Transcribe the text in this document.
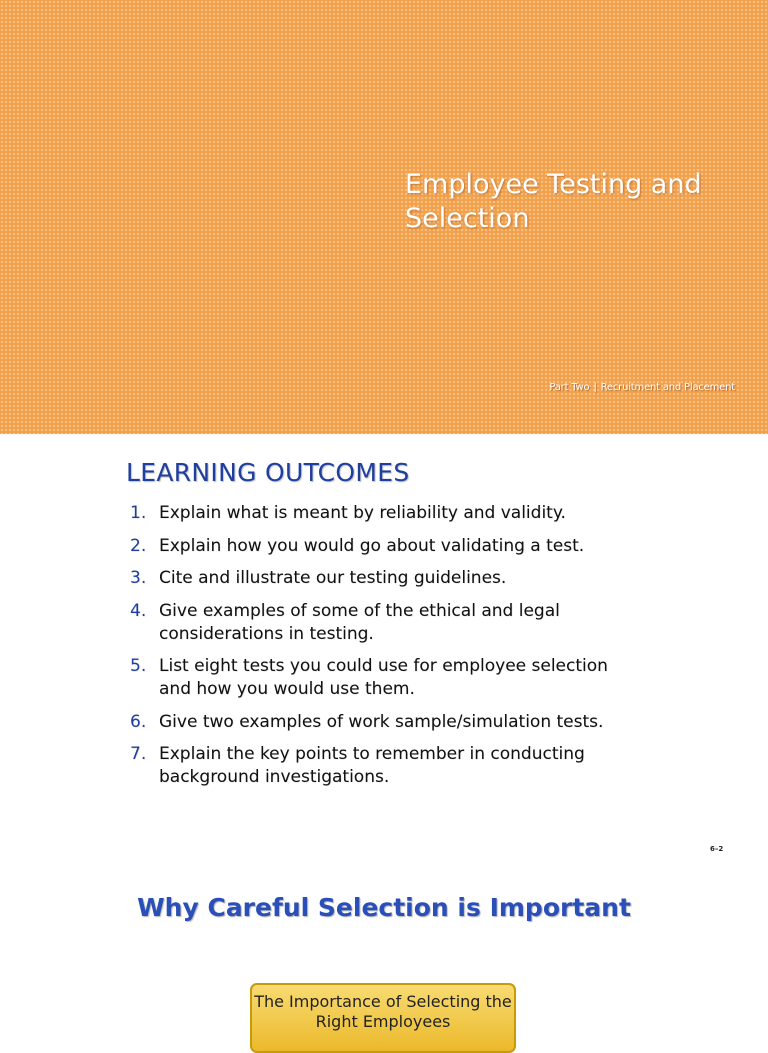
Employee Testing and Selection
Part Two | Recruitment and Placement
LEARNING OUTCOMES
1. Explain what is meant by reliability and validity.
2. Explain how you would go about validating a test.
3. Cite and illustrate our testing guidelines.
4. Give examples of some of the ethical and legal considerations in testing.
5. List eight tests you could use for employee selection and how you would use them.
6. Give two examples of work sample/simulation tests.
7. Explain the key points to remember in conducting background investigations.
6–2
Why Careful Selection is Important
The Importance of Selecting the Right Employees
